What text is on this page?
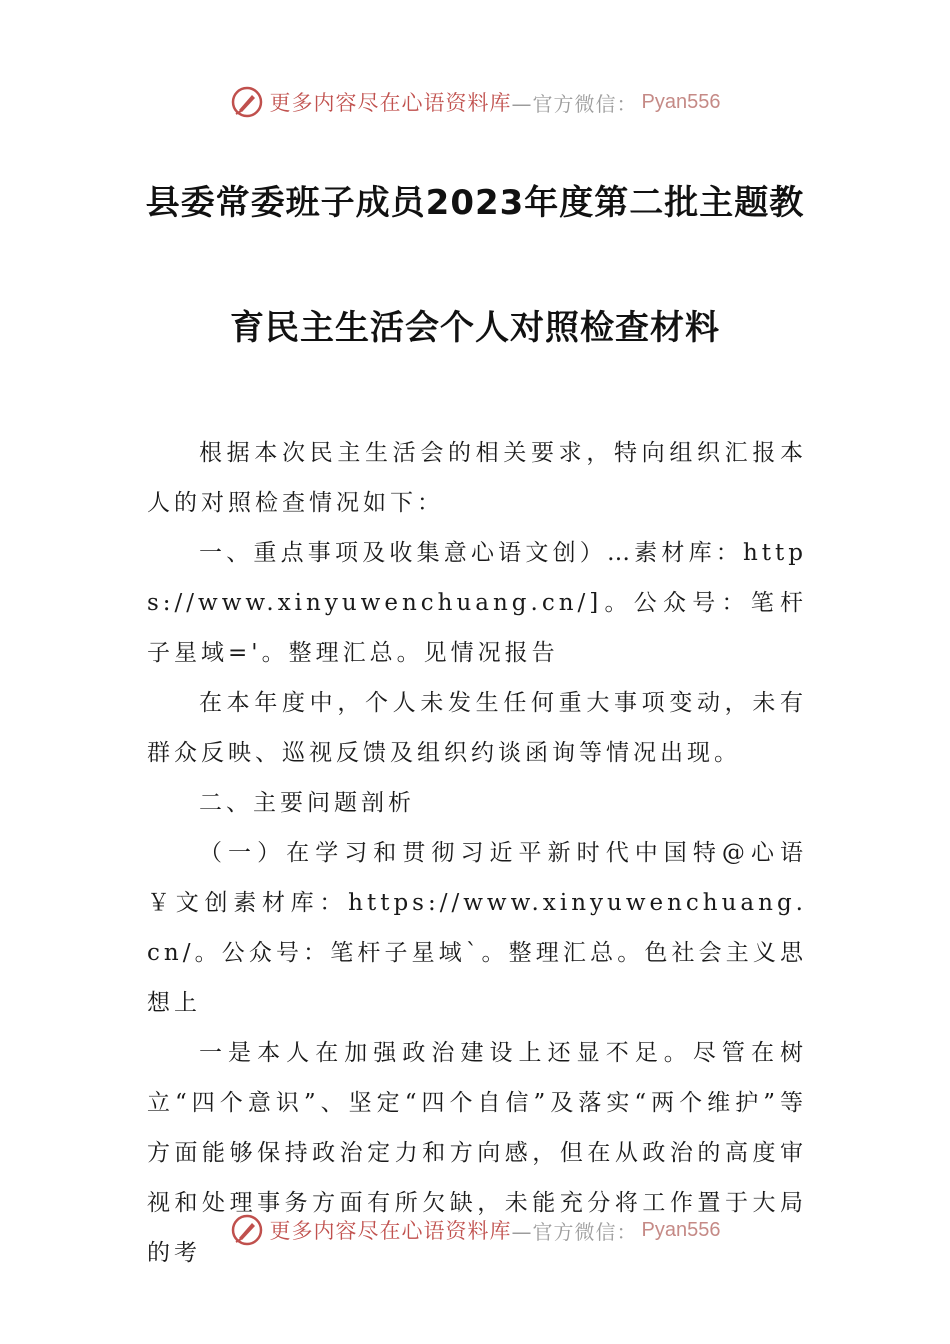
更多内容尽在心语资料库 —官方微信： Pyan556
县委常委班子成员2023年度第二批主题教
育民主生活会个人对照检查材料

根据本次民主生活会的相关要求，特向组织汇报本人的对照检查情况如下：

一、重点事项及收集意心语文创）…素材库：https://www.xinyuwenchuang.cn/]。公众号：笔杆子星域='。整理汇总。见情况报告

在本年度中，个人未发生任何重大事项变动，未有群众反映、巡视反馈及组织约谈函询等情况出现。

二、主要问题剖析

（一）在学习和贯彻习近平新时代中国特@心语￥文创素材库：https://www.xinyuwenchuang.cn/。公众号：笔杆子星域`。整理汇总。色社会主义思想上

一是本人在加强政治建设上还显不足。尽管在树立“四个意识”、坚定“四个自信”及落实“两个维护”等方面能够保持政治定力和方向感，但在从政治的高度审视和处理事务方面有所欠缺，未能充分将工作置于大局的考

更多内容尽在心语资料库 —官方微信： Pyan556
